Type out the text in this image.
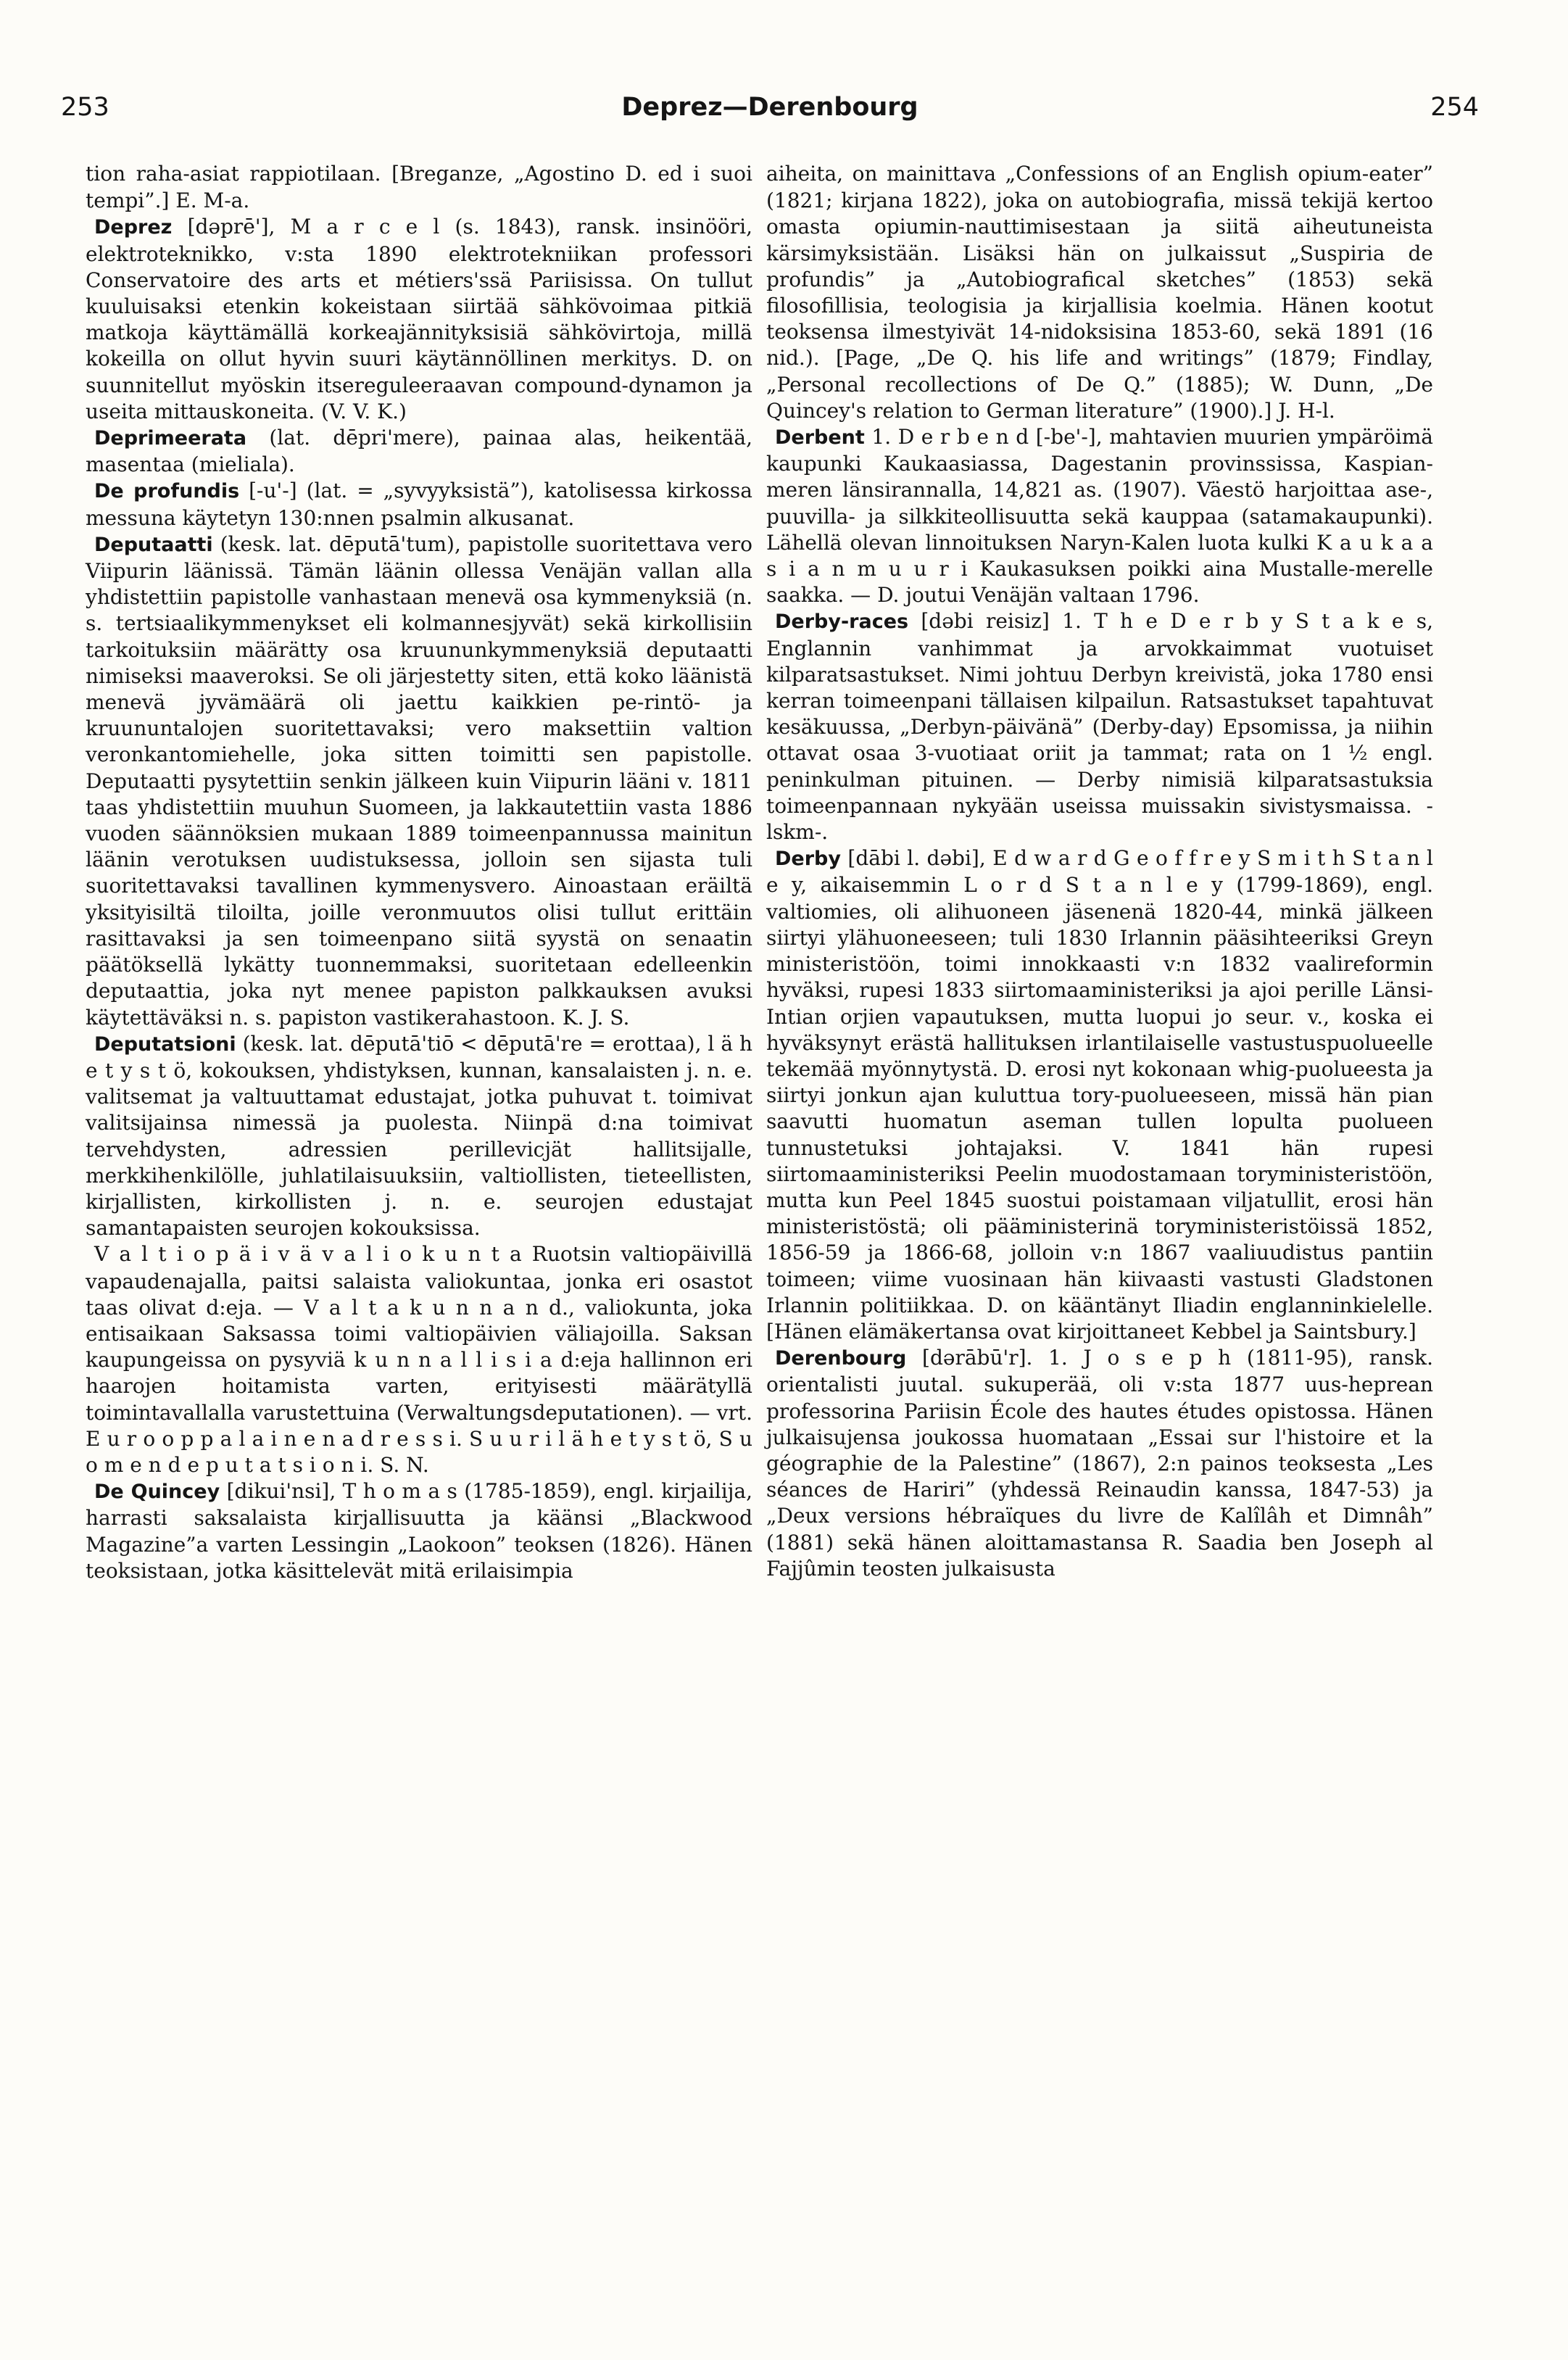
253	Deprez—Derenbourg	254

tion raha-asiat rappiotilaan. [Breganze, „Agostino D. ed i suoi tempi”.] E. M-a.

Deprez [dəprē'], M a r c e l (s. 1843), ransk. insinööri, elektroteknikko, v:sta 1890 elektrotekniikan professori Conservatoire des arts et métiers'ssä Pariisissa. On tullut kuuluisaksi etenkin kokeistaan siirtää sähkövoimaa pitkiä matkoja käyttämällä korkeajännityksisiä sähkövirtoja, millä kokeilla on ollut hyvin suuri käytännöllinen merkitys. D. on suunnitellut myöskin itsereguleeraavan compound-dynamon ja useita mittauskoneita. (V. V. K.)

Deprimeerata (lat. dēpri'mere), painaa alas, heikentää, masentaa (mieliala).

De profundis [-u'-] (lat. = „syvyyksistä”), katolisessa kirkossa messuna käytetyn 130:nnen psalmin alkusanat.

Deputaatti (kesk. lat. dēputā'tum), papistolle suoritettava vero Viipurin läänissä. Tämän läänin ollessa Venäjän vallan alla yhdistettiin papistolle vanhastaan menevä osa kymmenyksiä (n. s. tertsiaalikymmenykset eli kolmannesjyvät) sekä kirkollisiin tarkoituksiin määrätty osa kruununkymmenyksiä deputaatti nimiseksi maaveroksi. Se oli järjestetty siten, että koko läänistä menevä jyvämäärä oli jaettu kaikkien pe-rintö- ja kruununtalojen suoritettavaksi; vero maksettiin valtion veronkantomiehelle, joka sitten toimitti sen papistolle. Deputaatti pysytettiin senkin jälkeen kuin Viipurin lääni v. 1811 taas yhdistettiin muuhun Suomeen, ja lakkautettiin vasta 1886 vuoden säännöksien mukaan 1889 toimeenpannussa mainitun läänin verotuksen uudistuksessa, jolloin sen sijasta tuli suoritettavaksi tavallinen kymmenysvero. Ainoastaan eräiltä yksityisiltä tiloilta, joille veronmuutos olisi tullut erittäin rasittavaksi ja sen toimeenpano siitä syystä on senaatin päätöksellä lykätty tuonnemmaksi, suoritetaan edelleenkin deputaattia, joka nyt menee papiston palkkauksen avuksi käytettäväksi n. s. papiston vastikerahastoon. K. J. S.

Deputatsioni (kesk. lat. dēputā'tiō < dēputā're = erottaa), l ä h e t y s t ö, kokouksen, yhdistyksen, kunnan, kansalaisten j. n. e. valitsemat ja valtuuttamat edustajat, jotka puhuvat t. toimivat valitsijainsa nimessä ja puolesta. Niinpä d:na toimivat tervehdysten, adressien perillevicjät hallitsijalle, merkkihenkilölle, juhlatilaisuuksiin, valtiollisten, tieteellisten, kirjallisten, kirkollisten j. n. e. seurojen edustajat samantapaisten seurojen kokouksissa.

V a l t i o p ä i v ä v a l i o k u n t a Ruotsin valtiopäivillä vapaudenajalla, paitsi salaista valiokuntaa, jonka eri osastot taas olivat d:eja. — V a l t a k u n n a n d., valiokunta, joka entisaikaan Saksassa toimi valtiopäivien väliajoilla. Saksan kaupungeissa on pysyviä k u n n a l l i s i a d:eja hallinnon eri haarojen hoitamista varten, erityisesti määrätyllä toimintavallalla varustettuina (Verwaltungsdeputationen). — vrt. E u r o o p p a l a i n e n a d r e s s i. S u u r i l ä h e t y s t ö, S u o m e n d e p u t a t s i o n i. S. N.

De Quincey [dikui'nsi], T h o m a s (1785-1859), engl. kirjailija, harrasti saksalaista kirjallisuutta ja käänsi „Blackwood Magazine”a varten Lessingin „Laokoon” teoksen (1826). Hänen teoksistaan, jotka käsittelevät mitä erilaisimpia

aiheita, on mainittava „Confessions of an English opium-eater” (1821; kirjana 1822), joka on autobiografia, missä tekijä kertoo omasta opiumin-nauttimisestaan ja siitä aiheutuneista kärsimyksistään. Lisäksi hän on julkaissut „Suspiria de profundis” ja „Autobiografical sketches” (1853) sekä filosofillisia, teologisia ja kirjallisia koelmia. Hänen kootut teoksensa ilmestyivät 14-nidoksisina 1853-60, sekä 1891 (16 nid.). [Page, „De Q. his life and writings” (1879; Findlay, „Personal recollections of De Q.” (1885); W. Dunn, „De Quincey's relation to German literature” (1900).] J. H-l.

Derbent 1. D e r b e n d [-be'-], mahtavien muurien ympäröimä kaupunki Kaukaasiassa, Dagestanin provinssissa, Kaspian-meren länsirannalla, 14,821 as. (1907). Väestö harjoittaa ase-, puuvilla- ja silkkiteollisuutta sekä kauppaa (satamakaupunki). Lähellä olevan linnoituksen Naryn-Kalen luota kulki K a u k a a s i a n m u u r i Kaukasuksen poikki aina Mustalle-merelle saakka. — D. joutui Venäjän valtaan 1796.

Derby-races [dəbi reisiz] 1. T h e D e r b y S t a k e s, Englannin vanhimmat ja arvokkaimmat vuotuiset kilparatsastukset. Nimi johtuu Derbyn kreivistä, joka 1780 ensi kerran toimeenpani tällaisen kilpailun. Ratsastukset tapahtuvat kesäkuussa, „Derbyn-päivänä” (Derby-day) Epsomissa, ja niihin ottavat osaa 3-vuotiaat oriit ja tammat; rata on 1 ½ engl. peninkulman pituinen. — Derby nimisiä kilparatsastuksia toimeenpannaan nykyään useissa muissakin sivistysmaissa. -lskm-.

Derby [dābi l. dəbi], E d w a r d G e o f f r e y S m i t h S t a n l e y, aikaisemmin L o r d S t a n l e y (1799-1869), engl. valtiomies, oli alihuoneen jäsenenä 1820-44, minkä jälkeen siirtyi ylähuoneeseen; tuli 1830 Irlannin pääsihteeriksi Greyn ministeristöön, toimi innokkaasti v:n 1832 vaalireformin hyväksi, rupesi 1833 siirtomaaministeriksi ja ajoi perille Länsi-Intian orjien vapautuksen, mutta luopui jo seur. v., koska ei hyväksynyt erästä hallituksen irlantilaiselle vastustuspuolueelle tekemää myönnytystä. D. erosi nyt kokonaan whig-puolueesta ja siirtyi jonkun ajan kuluttua tory-puolueeseen, missä hän pian saavutti huomatun aseman tullen lopulta puolueen tunnustetuksi johtajaksi. V. 1841 hän rupesi siirtomaaministeriksi Peelin muodostamaan toryministeristöön, mutta kun Peel 1845 suostui poistamaan viljatullit, erosi hän ministeristöstä; oli pääministerinä toryministeristöissä 1852, 1856-59 ja 1866-68, jolloin v:n 1867 vaaliuudistus pantiin toimeen; viime vuosinaan hän kiivaasti vastusti Gladstonen Irlannin politiikkaa. D. on kääntänyt Iliadin englanninkielelle. [Hänen elämäkertansa ovat kirjoittaneet Kebbel ja Saintsbury.]

Derenbourg [dərābū'r]. 1. J o s e p h (1811-95), ransk. orientalisti juutal. sukuperää, oli v:sta 1877 uus-heprean professorina Pariisin École des hautes études opistossa. Hänen julkaisujensa joukossa huomataan „Essai sur l'histoire et la géographie de la Palestine” (1867), 2:n painos teoksesta „Les séances de Hariri” (yhdessä Reinaudin kanssa, 1847-53) ja „Deux versions hébraïques du livre de Kalîlâh et Dimnâh” (1881) sekä hänen aloittamastansa R. Saadia ben Joseph al Fajjûmin teosten julkaisusta
